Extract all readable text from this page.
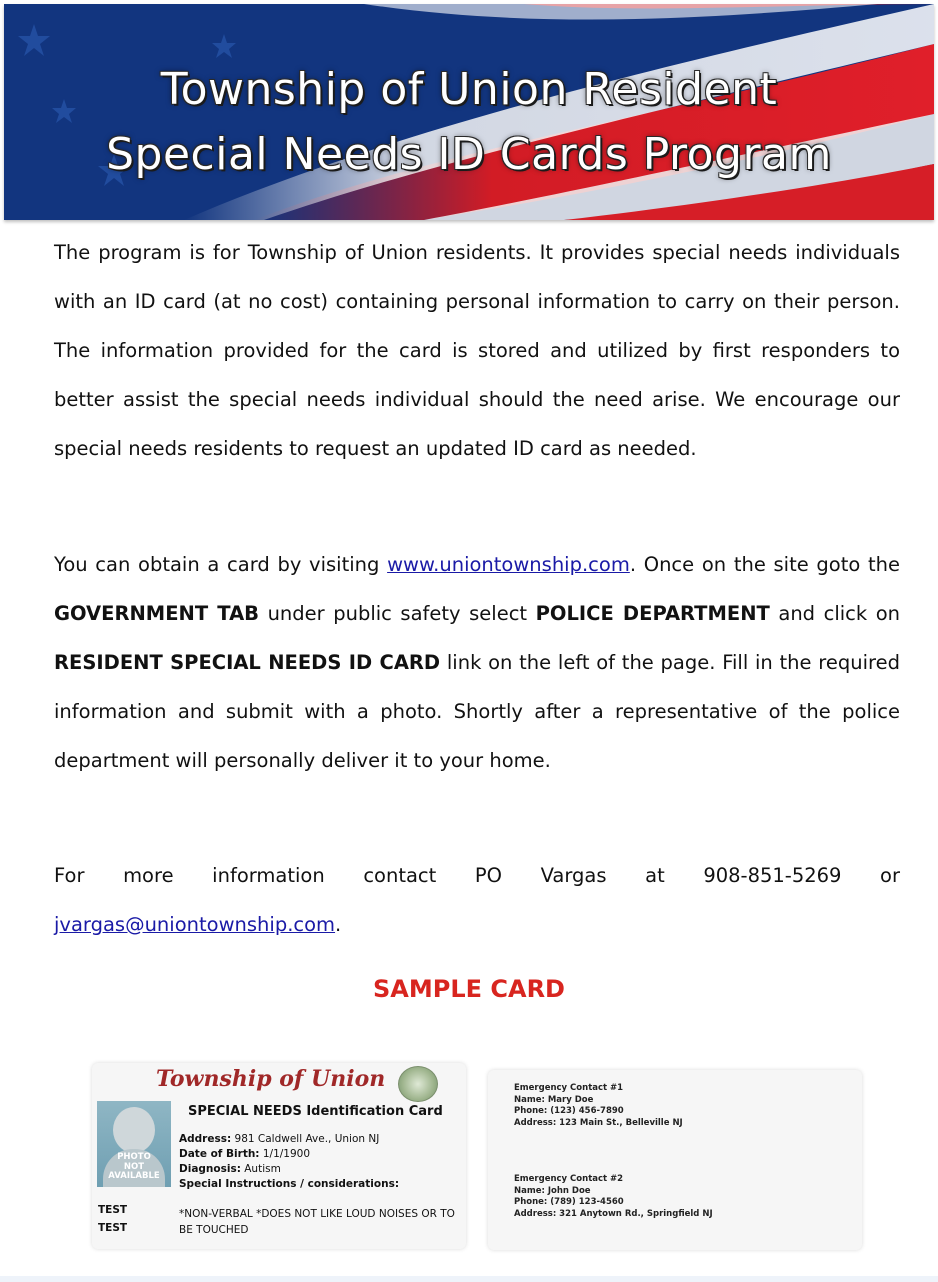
Township of Union Resident
Special Needs ID Cards Program
The program is for Township of Union residents. It provides special needs individuals with an ID card (at no cost) containing personal information to carry on their person. The information provided for the card is stored and utilized by first responders to better assist the special needs individual should the need arise. We encourage our special needs residents to request an updated ID card as needed.
You can obtain a card by visiting www.uniontownship.com. Once on the site goto the GOVERNMENT TAB under public safety select POLICE DEPARTMENT and click on RESIDENT SPECIAL NEEDS ID CARD link on the left of the page. Fill in the required information and submit with a photo. Shortly after a representative of the police department will personally deliver it to your home.
For more information contact PO Vargas at 908-851-5269 or jvargas@uniontownship.com.
SAMPLE CARD
Township of Union
SPECIAL NEEDS Identification Card
PHOTO
NOT
AVAILABLE
Address: 981 Caldwell Ave., Union NJ
Date of Birth: 1/1/1900
Diagnosis: Autism
Special Instructions / considerations:
*NON-VERBAL *DOES NOT LIKE LOUD NOISES OR TO BE TOUCHED
TEST
TEST
Emergency Contact #1
Name: Mary Doe
Phone: (123) 456-7890
Address: 123 Main St., Belleville NJ
Emergency Contact #2
Name: John Doe
Phone: (789) 123-4560
Address: 321 Anytown Rd., Springfield NJ
